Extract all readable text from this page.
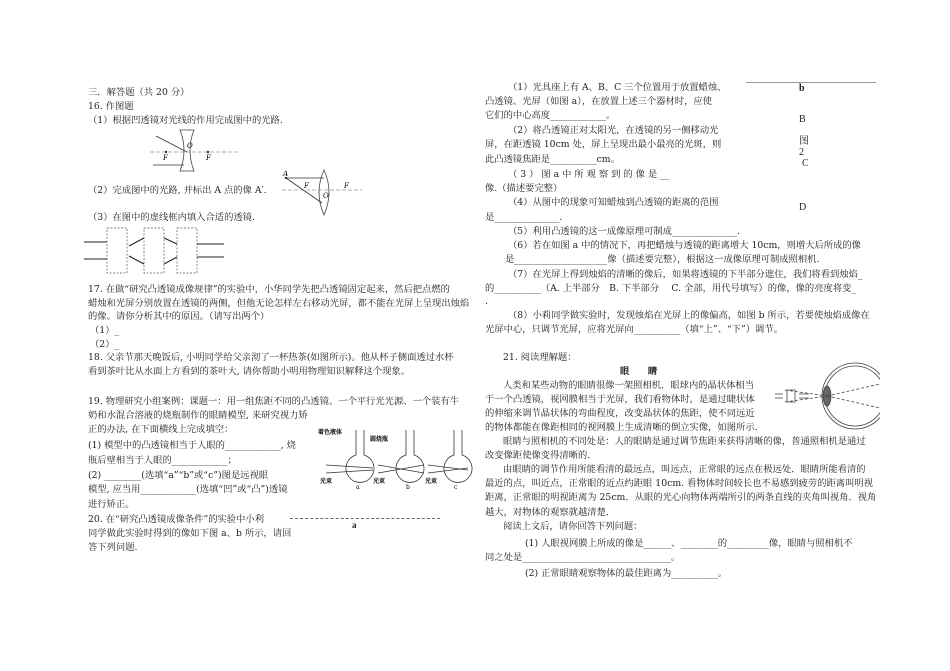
三．解答题（共 20 分）
16. 作图题
（1）根据凹透镜对光线的作用完成图中的光路.
O
F	F
（2）完成图中的光路, 并标出 A 点的像 A′.
A
F	F
O
（3）在图中的虚线框内填入合适的透镜.
17. 在做“研究凸透镜成像规律”的实验中，小华同学先把凸透镜固定起来，然后把点燃的
蜡烛和光屏分别放置在透镜的两侧，但他无论怎样左右移动光屏，都不能在光屏上呈现出烛焰
的像。请你分析其中的原因。（请写出两个）
（1）_
（2）_
18. 父亲节那天晚饭后, 小明同学给父亲沏了一杯热茶(如图所示)。他从杯子侧面透过水杯
看到茶叶比从水面上方看到的茶叶大, 请你帮助小明用物理知识解释这个现象。
19. 物理研究小组案例：课题一：用一组焦距不同的凸透镜、一个平行光光源、一个装有牛
奶和水混合溶液的烧瓶制作的眼睛模型, 来研究视力矫
正的办法, 在下面横线上完成填空：
(1) 模型中的凸透镜相当于人眼的____________, 烧
瓶后壁相当于人眼的____________；
(2) ________(选填“a”“b”或“c”)图是远视眼
模型, 应当用____________(选填“凹”或“凸”)透镜
进行矫正。
着色液体
圆烧瓶
光束	光束	光束
a	b	c
20. 在“研究凸透镜成像条件”的实验中小利
同学做此实验时得到的像如下图 a、b 所示，请回
答下列问题.
a
b
B
图
2
C
D
（1）光具座上有 A、B、C 三个位置用于放置蜡烛、
凸透镜、光屏（如图 a），在放置上述三个器材时，应使
它们的中心高度____________。
（2）将凸透镜正对太阳光，在透镜的另一侧移动光
屏，在距透镜 10cm 处，屏上呈现出最小最亮的光斑，则
此凸透镜焦距是__________cm。
（ 3 ） 图 a 中 所 观 察 到 的 像 是 __
像.（描述要完整）
（4）从图中的现象可知蜡烛到凸透镜的距离的范围
是______________.
（5）利用凸透镜的这一成像原理可制成______________.
（6）若在如图 a 中的情况下，再把蜡烛与透镜的距离增大 10cm，则增大后所成的像
是____________________像（描述要完整），根据这一成像原理可制成照相机.
（7）在光屏上得到烛焰的清晰的像后，如果将透镜的下半部分遮住，我们将看到烛焰_
的__________（A. 上半部分　B. 下半部分　 C. 全部，用代号填写）的像，像的亮度将变_
.
（8）小莉同学做实验时，发现烛焰在光屏上的像偏高，如图 b 所示，若要使烛焰成像在
光屏中心，只调节光屏，应将光屏向__________（填“上”、“下”）调节。
21. 阅读理解题：
眼　　睛
人类和某些动物的眼睛很像一架照相机．眼球内的晶状体相当
于一个凸透镜，视网膜相当于光屏，我们看物体时，是通过睫状体
的伸缩来调节晶状体的弯曲程度，改变晶状体的焦距，使不同远近
的物体都能在像距相同的视网膜上生成清晰的倒立实像，如图所示．
眼睛与照相机的不同处是：人的眼睛是通过调节焦距来获得清晰的像，普通照相机是通过
改变像距使像变得清晰的．
由眼睛的调节作用所能看清的最远点，叫远点，正常眼的远点在极远处．眼睛所能看清的
最近的点，叫近点，正常眼的近点约距眼 10cm. 看物体时间较长也不易感到疲劳的距离叫明视
距离，正常眼的明视距离为 25cm．从眼的光心向物体两端所引的两条直线的夹角叫视角．视角
越大，对物体的观察就越清楚．
阅读上文后，请你回答下列问题：
(1) 人眼视网膜上所成的像是______、________的_________像，眼睛与照相机不
同之处是________________________________。
(2) 正常眼睛观察物体的最佳距离为__________。
